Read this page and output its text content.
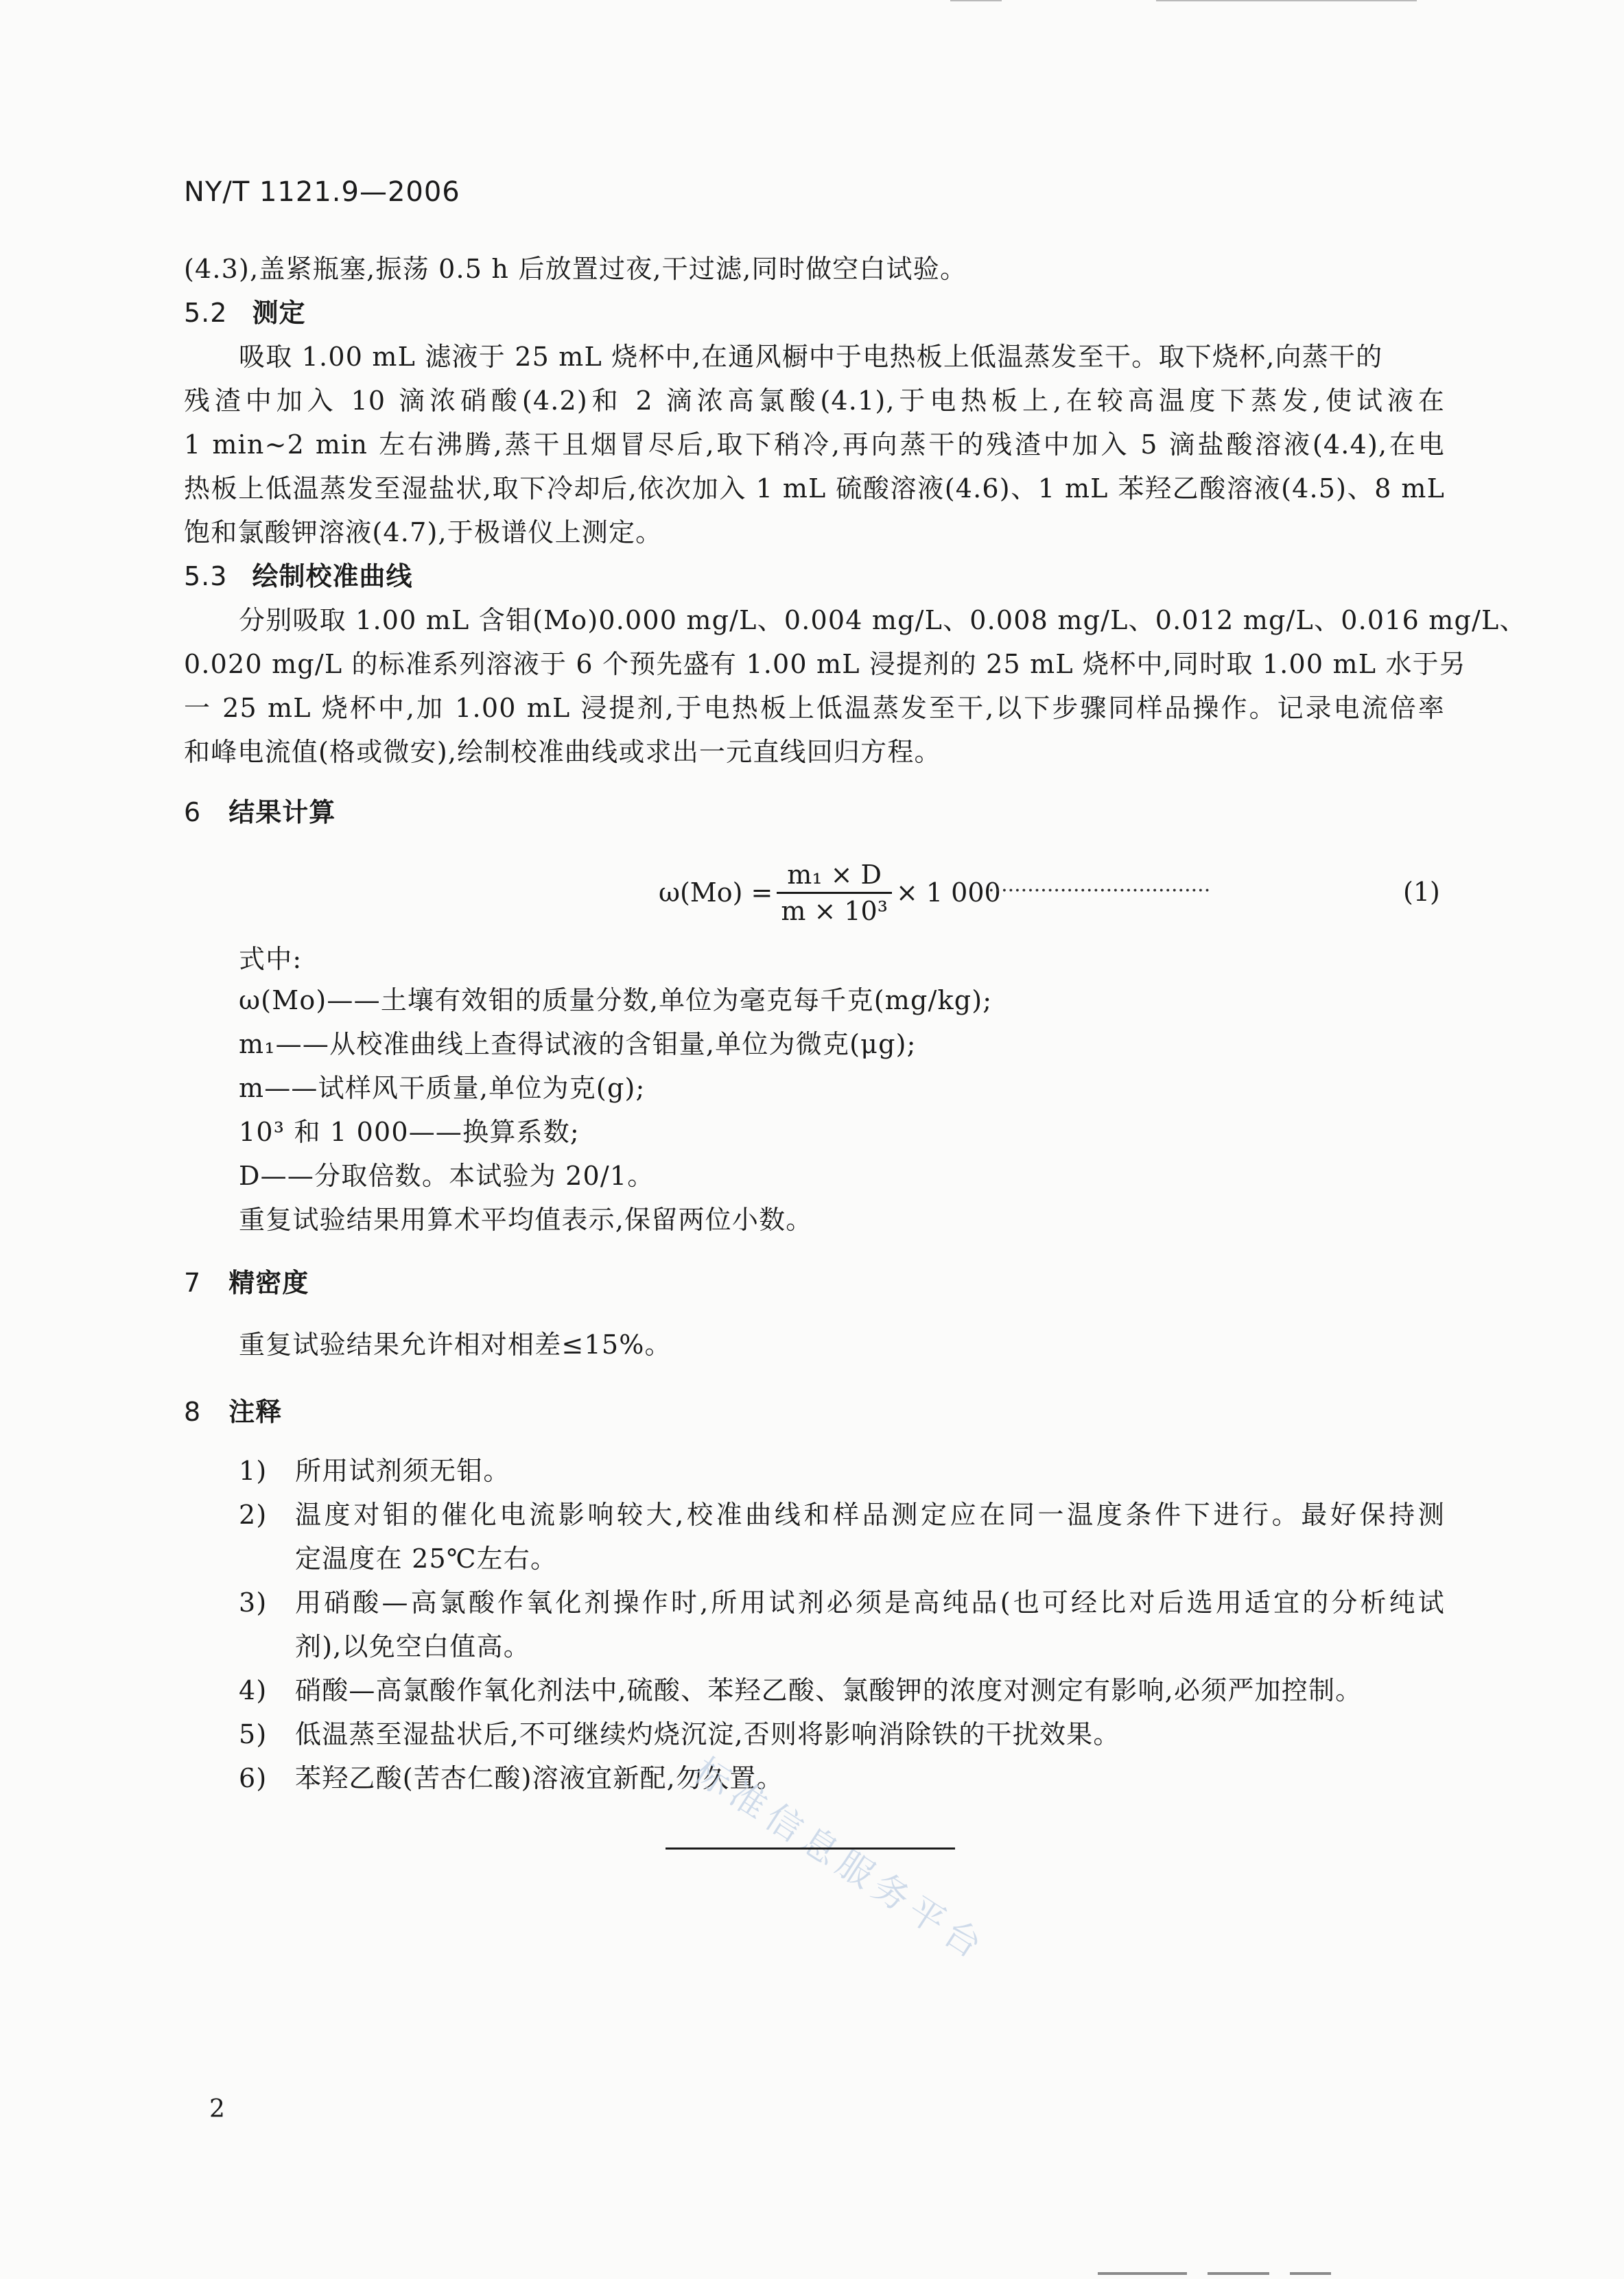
NY/T 1121.9—2006
(4.3),盖紧瓶塞,振荡 0.5 h 后放置过夜,干过滤,同时做空白试验。
5.2 测定
吸取 1.00 mL 滤液于 25 mL 烧杯中,在通风橱中于电热板上低温蒸发至干。取下烧杯,向蒸干的
残渣中加入 10 滴浓硝酸(4.2)和 2 滴浓高氯酸(4.1),于电热板上,在较高温度下蒸发,使试液在
1 min~2 min 左右沸腾,蒸干且烟冒尽后,取下稍冷,再向蒸干的残渣中加入 5 滴盐酸溶液(4.4),在电
热板上低温蒸发至湿盐状,取下冷却后,依次加入 1 mL 硫酸溶液(4.6)、1 mL 苯羟乙酸溶液(4.5)、8 mL
饱和氯酸钾溶液(4.7),于极谱仪上测定。
5.3 绘制校准曲线
分别吸取 1.00 mL 含钼(Mo)0.000 mg/L、0.004 mg/L、0.008 mg/L、0.012 mg/L、0.016 mg/L、
0.020 mg/L 的标准系列溶液于 6 个预先盛有 1.00 mL 浸提剂的 25 mL 烧杯中,同时取 1.00 mL 水于另
一 25 mL 烧杯中,加 1.00 mL 浸提剂,于电热板上低温蒸发至干,以下步骤同样品操作。记录电流倍率
和峰电流值(格或微安),绘制校准曲线或求出一元直线回归方程。
6 结果计算
$\omega(Mo) = \frac{\text{m₁ × D}}{\text{m × 10³}} \times 1$ 000
··································	(1)
式中:
ω(Mo)——土壤有效钼的质量分数,单位为毫克每千克(mg/kg);
m₁——从校准曲线上查得试液的含钼量,单位为微克(μg);
m——试样风干质量,单位为克(g);
10³ 和 1 000——换算系数;
D——分取倍数。本试验为 20/1。
重复试验结果用算术平均值表示,保留两位小数。
7 精密度
重复试验结果允许相对相差≤15%。
8 注释
1) 所用试剂须无钼。
2) 温度对钼的催化电流影响较大,校准曲线和样品测定应在同一温度条件下进行。最好保持测
定温度在 25℃左右。
3) 用硝酸—高氯酸作氧化剂操作时,所用试剂必须是高纯品(也可经比对后选用适宜的分析纯试
剂),以免空白值高。
4) 硝酸—高氯酸作氧化剂法中,硫酸、苯羟乙酸、氯酸钾的浓度对测定有影响,必须严加控制。
5) 低温蒸至湿盐状后,不可继续灼烧沉淀,否则将影响消除铁的干扰效果。
6) 苯羟乙酸(苦杏仁酸)溶液宜新配,勿久置。
标准信息服务平台
2
